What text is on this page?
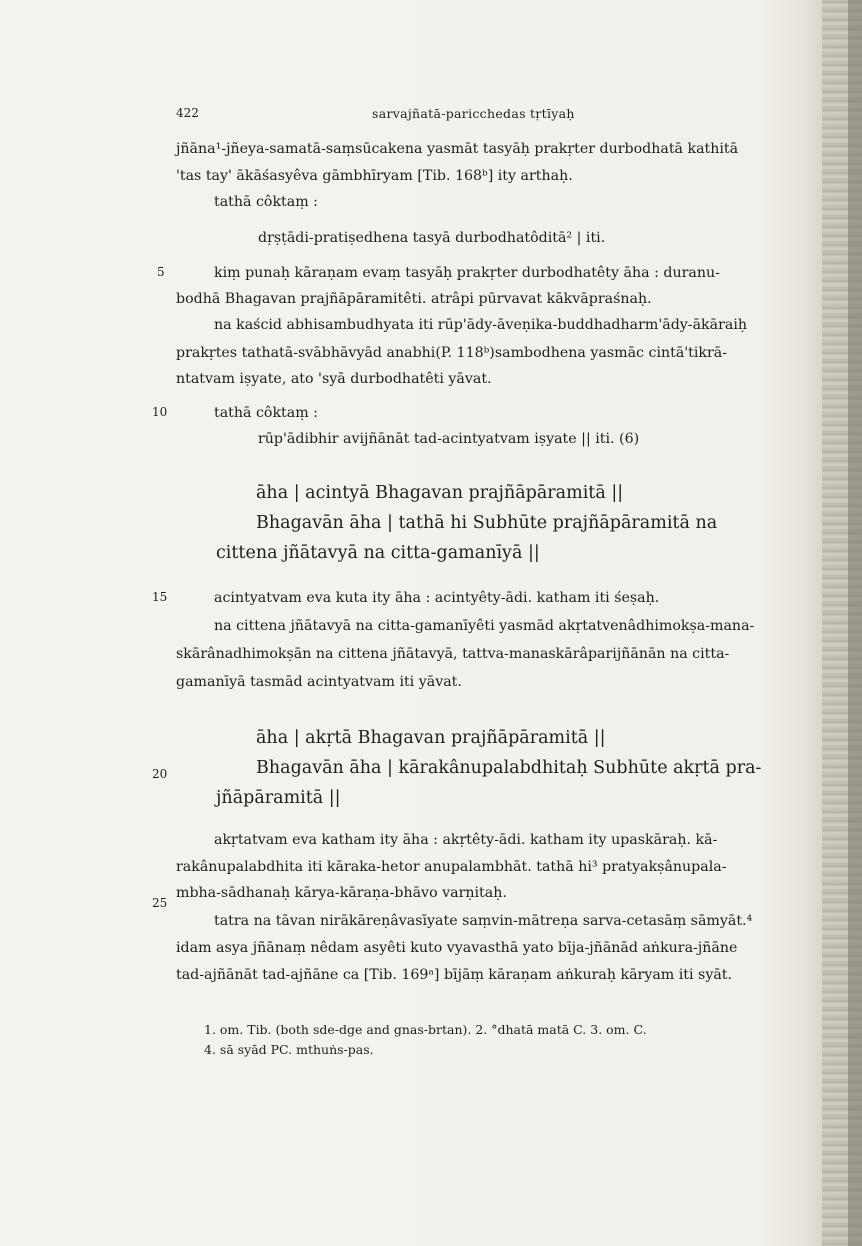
422	sarvajñatā-paricchedas tṛtīyaḥ
5
10
15
20
25
jñāna¹-jñeya-samatā-saṃsūcakena yasmāt tasyāḥ prakṛter durbodhatā kathitā
'tas tay' ākāśasyêva gāmbhīryam [Tib. 168ᵇ] ity arthaḥ.
tathā côktaṃ :
dṛṣṭādi-pratiṣedhena tasyā durbodhatôditā² | iti.
kiṃ punaḥ kāraṇam evaṃ tasyāḥ prakṛter durbodhatêty āha : duranu-
bodhā Bhagavan prajñāpāramitêti. atrâpi pūrvavat kākvāpraśnaḥ.
na kaścid abhisambudhyata iti rūp'ādy-āveṇika-buddhadharm'ādy-ākāraiḥ
prakṛtes tathatā-svābhāvyād anabhi(P. 118ᵇ)sambodhena yasmāc cintā'tikrā-
ntatvam iṣyate, ato 'syā durbodhatêti yāvat.
tathā côktaṃ :
rūp'ādibhir avijñānāt tad-acintyatvam iṣyate || iti. (6)
āha | acintyā Bhagavan prajñāpāramitā ||
Bhagavān āha | tathā hi Subhūte prajñāpāramitā na
cittena jñātavyā na citta-gamanīyā ||
acintyatvam eva kuta ity āha : acintyêty-ādi. katham iti śeṣaḥ.
na cittena jñātavyā na citta-gamanīyêti yasmād akṛtatvenâdhimokṣa-mana-
skārânadhimokṣān na cittena jñātavyā, tattva-manaskārâparijñānān na citta-
gamanīyā tasmād acintyatvam iti yāvat.
āha | akṛtā Bhagavan prajñāpāramitā ||
Bhagavān āha | kārakânupalabdhitaḥ Subhūte akṛtā pra-
jñāpāramitā ||
akṛtatvam eva katham ity āha : akṛtêty-ādi. katham ity upaskāraḥ. kā-
rakânupalabdhita iti kāraka-hetor anupalambhāt. tathā hi³ pratyakṣânupala-
mbha-sādhanaḥ kārya-kāraṇa-bhāvo varṇitaḥ.
tatra na tāvan nirākāreṇâvasīyate saṃvin-mātreṇa sarva-cetasāṃ sāmyāt.⁴
idam asya jñānaṃ nêdam asyêti kuto vyavasthā yato bīja-jñānād aṅkura-jñāne
tad-ajñānāt tad-ajñāne ca [Tib. 169ᵃ] bījāṃ kāraṇam aṅkuraḥ kāryam iti syāt.
1. om. Tib. (both sde-dge and gnas-brtan). 2. °dhatā matā C. 3. om. C.
4. sā syād PC. mthuṅs-pas.
